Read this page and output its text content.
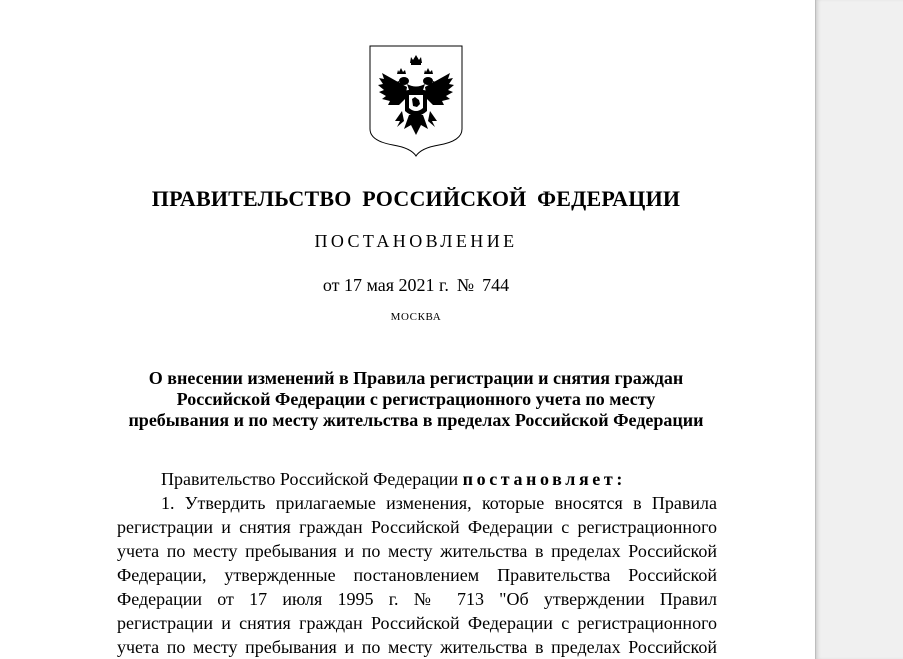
ПРАВИТЕЛЬСТВО РОССИЙСКОЙ ФЕДЕРАЦИИ
ПОСТАНОВЛЕНИЕ
от 17 мая 2021 г. № 744
МОСКВА
О внесении изменений в Правила регистрации и снятия граждан
Российской Федерации с регистрационного учета по месту
пребывания и по месту жительства в пределах Российской Федерации
Правительство Российской Федерации постановляет:
1. Утвердить прилагаемые изменения, которые вносятся в Правила
регистрации и снятия граждан Российской Федерации с регистрационного
учета по месту пребывания и по месту жительства в пределах Российской
Федерации, утвержденные постановлением Правительства Российской
Федерации от 17 июля 1995 г. № 713 "Об утверждении Правил
регистрации и снятия граждан Российской Федерации с регистрационного
учета по месту пребывания и по месту жительства в пределах Российской
